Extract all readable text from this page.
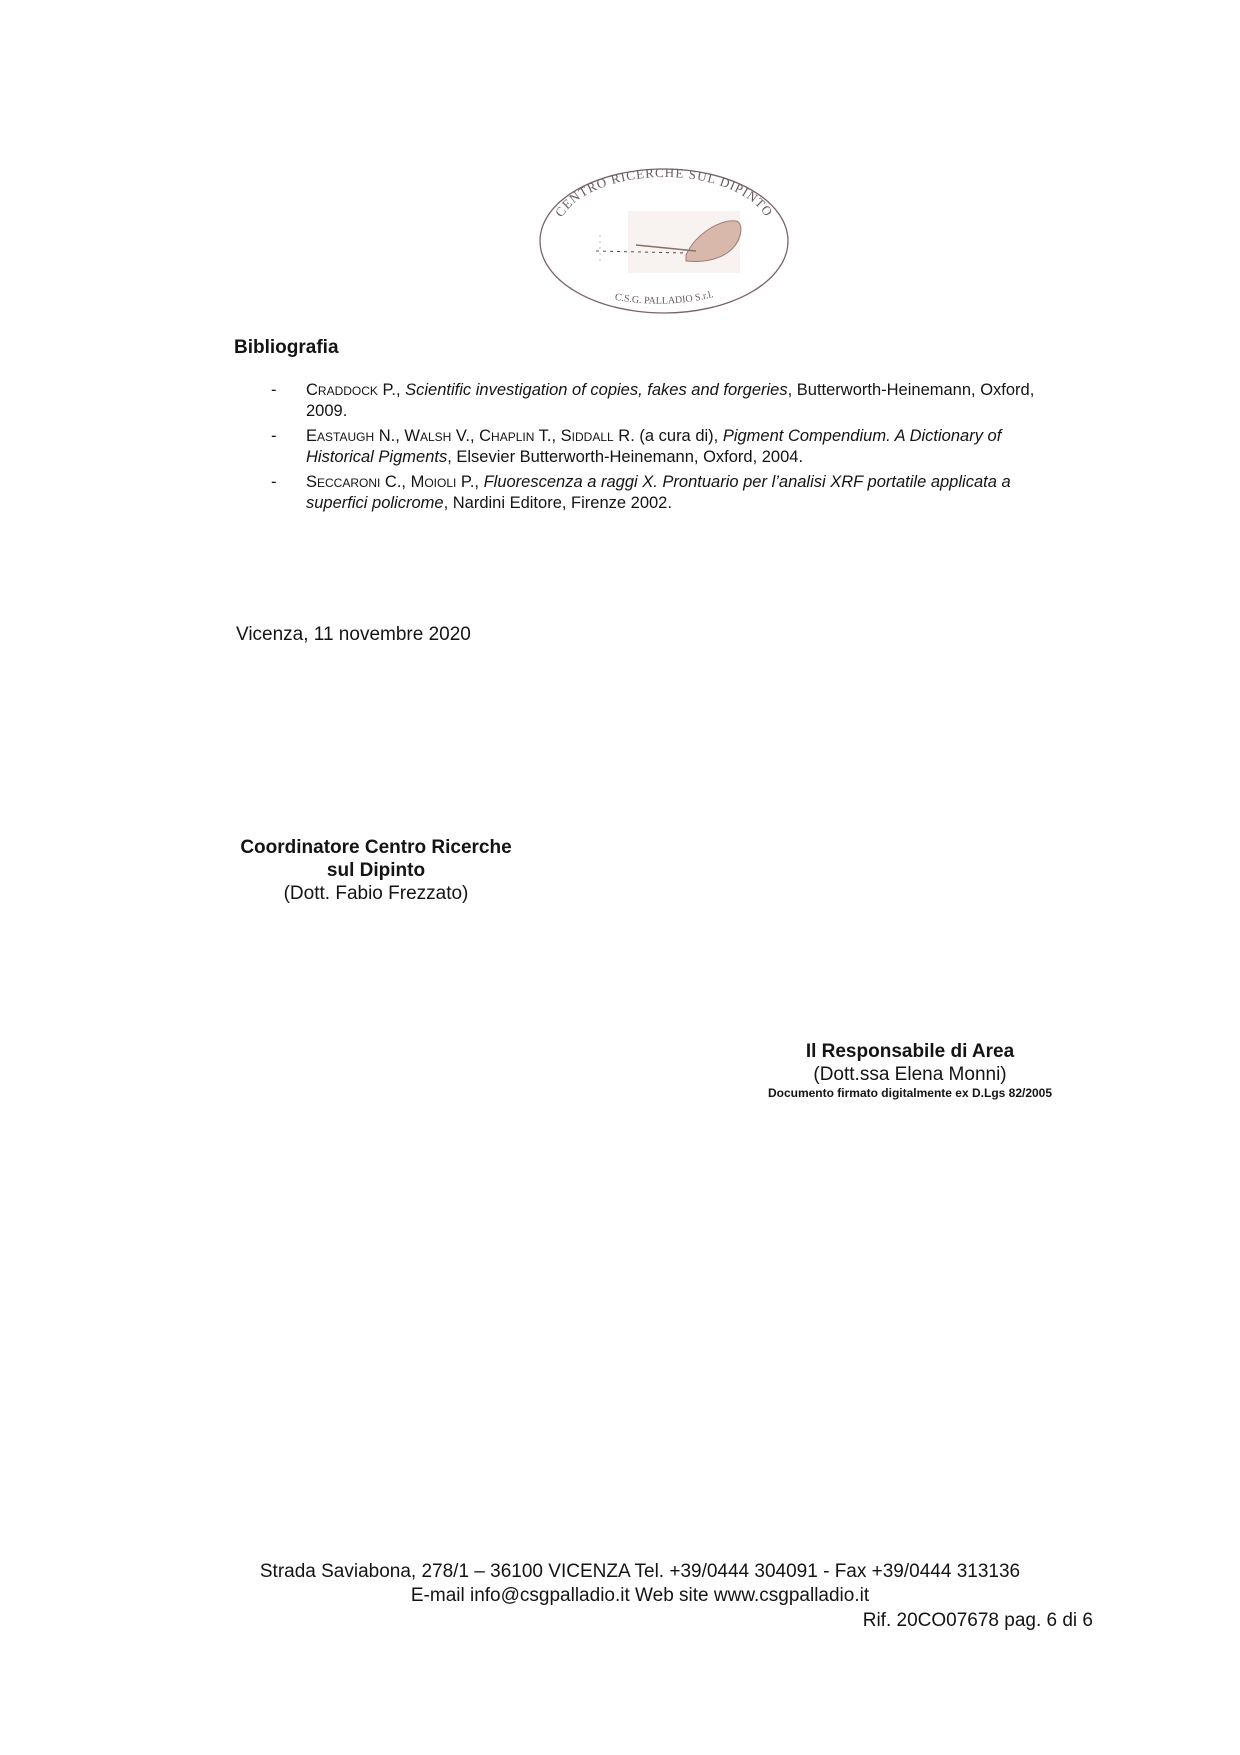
CENTRO RICERCHE SUL DIPINTO
C.S.G. PALLADIO S.r.l.
Bibliografia
- Craddock P., Scientific investigation of copies, fakes and forgeries, Butterworth-Heinemann, Oxford,
2009.
- Eastaugh N., Walsh V., Chaplin T., Siddall R. (a cura di), Pigment Compendium. A Dictionary of
Historical Pigments, Elsevier Butterworth-Heinemann, Oxford, 2004.
- Seccaroni C., Moioli P., Fluorescenza a raggi X. Prontuario per l’analisi XRF portatile applicata a
superfici policrome, Nardini Editore, Firenze 2002.
Vicenza, 11 novembre 2020
Coordinatore Centro Ricerche
sul Dipinto
(Dott. Fabio Frezzato)
Il Responsabile di Area
(Dott.ssa Elena Monni)
Documento firmato digitalmente ex D.Lgs 82/2005
Strada Saviabona, 278/1 – 36100 VICENZA Tel. +39/0444 304091 - Fax +39/0444 313136
E-mail info@csgpalladio.it Web site www.csgpalladio.it
Rif. 20CO07678 pag. 6 di 6
